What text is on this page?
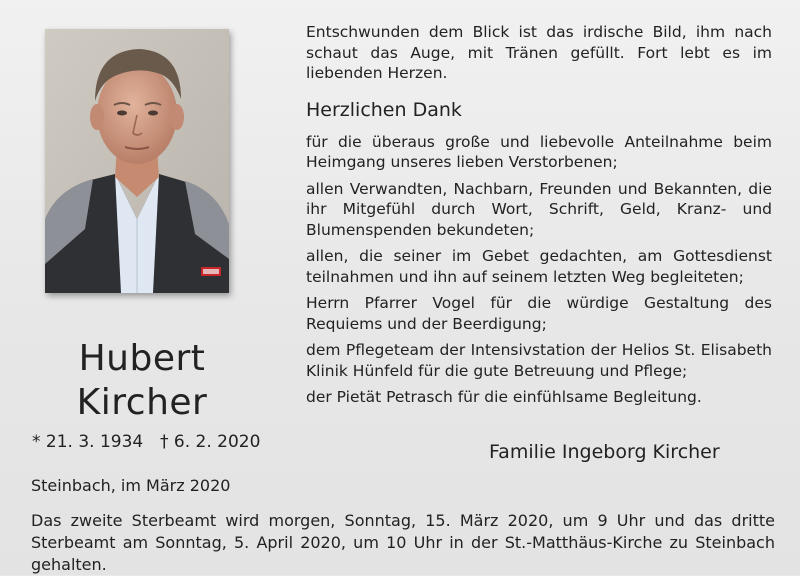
Hubert
Kircher
* 21. 3. 1934 † 6. 2. 2020
Steinbach, im März 2020

Entschwunden dem Blick ist das irdische Bild, ihm nach schaut das Auge, mit Tränen gefüllt. Fort lebt es im liebenden Herzen.

Herzlichen Dank
für die überaus große und liebevolle Anteilnahme beim Heimgang unseres lieben Verstorbenen;
allen Verwandten, Nachbarn, Freunden und Bekannten, die ihr Mitgefühl durch Wort, Schrift, Geld, Kranz- und Blumenspenden bekundeten;
allen, die seiner im Gebet gedachten, am Gottesdienst teilnahmen und ihn auf seinem letzten Weg begleiteten;
Herrn Pfarrer Vogel für die würdige Gestaltung des Requiems und der Beerdigung;
dem Pflegeteam der Intensivstation der Helios St. Elisabeth Klinik Hünfeld für die gute Betreuung und Pflege;
der Pietät Petrasch für die einfühlsame Begleitung.
Familie Ingeborg Kircher
Das zweite Sterbeamt wird morgen, Sonntag, 15. März 2020, um 9 Uhr und das dritte Sterbeamt am Sonntag, 5. April 2020, um 10 Uhr in der St.-Matthäus-Kirche zu Steinbach gehalten.
